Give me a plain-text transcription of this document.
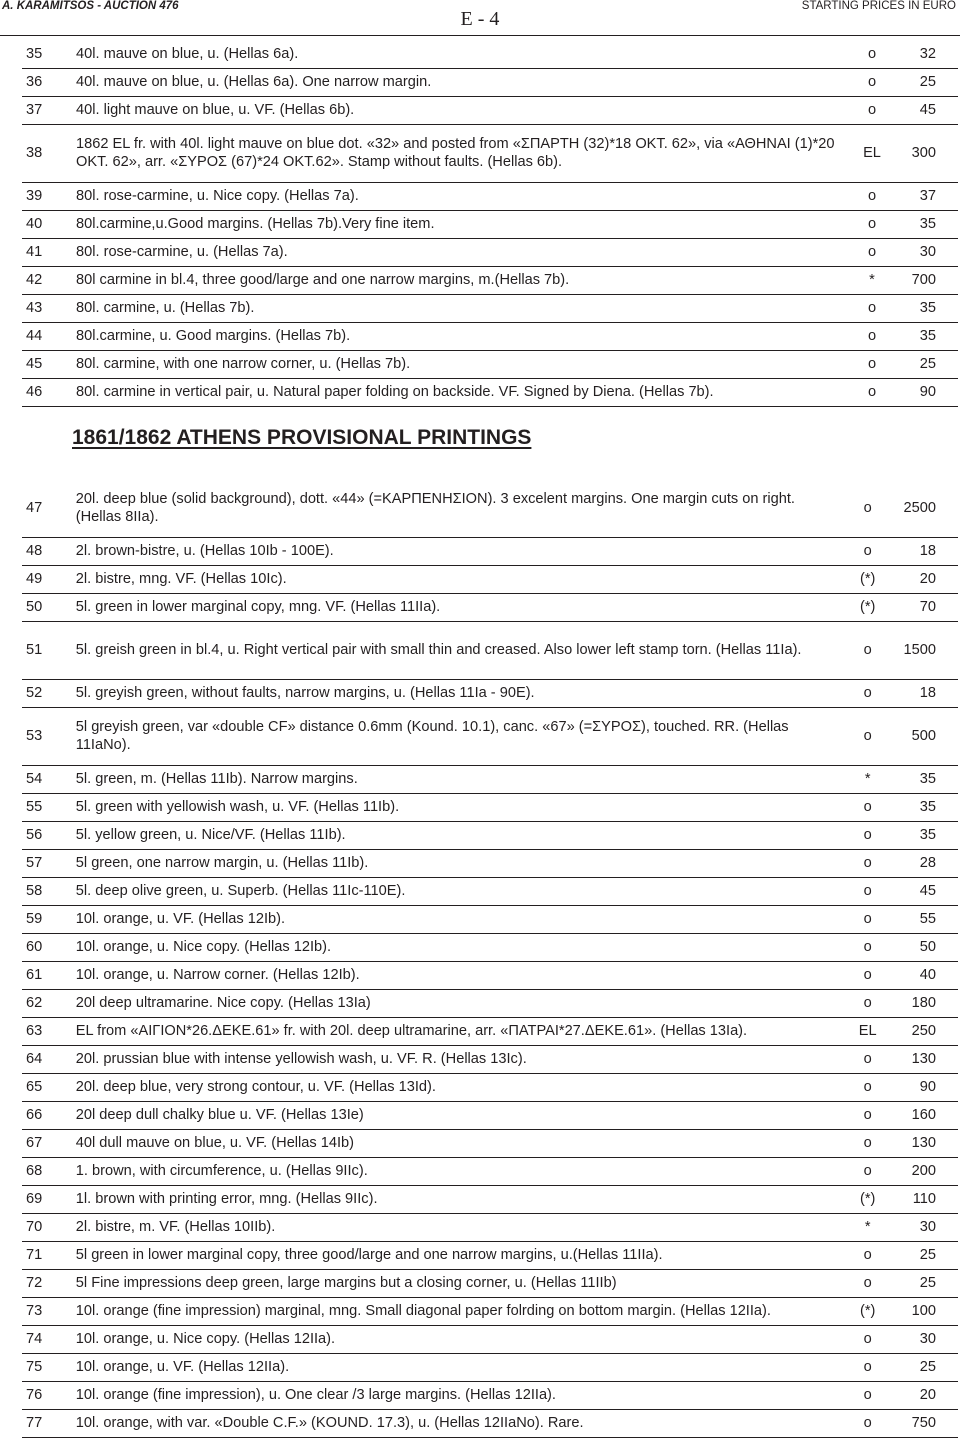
A. KARAMITSOS - AUCTION 476
E - 4
STARTING PRICES IN EURO
35	40l. mauve on blue, u. (Hellas 6a).	o	32
36	40l. mauve on blue, u. (Hellas 6a). One narrow margin.	o	25
37	40l. light mauve on blue, u. VF. (Hellas 6b).	o	45
38	1862 EL fr. with 40l. light mauve on blue dot. «32» and posted from «ΣΠΑΡΤΗ (32)*18 OKT. 62», via «ΑΘΗΝΑΙ (1)*20 OKT. 62», arr. «ΣΥΡΟΣ (67)*24 OKT.62». Stamp without faults. (Hellas 6b).	EL	300
39	80l. rose-carmine, u. Nice copy. (Hellas 7a).	o	37
40	80l.carmine,u.Good margins. (Hellas 7b).Very fine item.	o	35
41	80l. rose-carmine, u. (Hellas 7a).	o	30
42	80l carmine in bl.4, three good/large and one narrow margins, m.(Hellas 7b).	*	700
43	80l. carmine, u. (Hellas 7b).	o	35
44	80l.carmine, u. Good margins. (Hellas 7b).	o	35
45	80l. carmine, with one narrow corner, u. (Hellas 7b).	o	25
46	80l. carmine in vertical pair, u. Natural paper folding on backside. VF. Signed by Diena. (Hellas 7b).	o	90
1861/1862 ATHENS PROVISIONAL PRINTINGS
47	20l. deep blue (solid background), dott. «44» (=ΚΑΡΠΕΝΗΣΙΟΝ). 3 excelent margins. One margin cuts on right. (Hellas 8IIa).	o	2500
48	2l. brown-bistre, u. (Hellas 10Ib - 100E).	o	18
49	2l. bistre, mng. VF. (Hellas 10Ic).	(*)	20
50	5l. green in lower marginal copy, mng. VF. (Hellas 11IIa).	(*)	70
51	5l. greish green in bl.4, u. Right vertical pair with small thin and creased. Also lower left stamp torn. (Hellas 11Ia).	o	1500
52	5l. greyish green, without faults, narrow margins, u. (Hellas 11Ia - 90E).	o	18
53	5l greyish green, var «double CF» distance 0.6mm (Kound. 10.1), canc. «67» (=ΣΥΡΟΣ), touched. RR. (Hellas 11IaNo).	o	500
54	5l. green, m. (Hellas 11Ib). Narrow margins.	*	35
55	5l. green with yellowish wash, u. VF. (Hellas 11Ib).	o	35
56	5l. yellow green, u. Nice/VF. (Hellas 11Ib).	o	35
57	5l green, one narrow margin, u. (Hellas 11Ib).	o	28
58	5l. deep olive green, u. Superb. (Hellas 11Ic-110E).	o	45
59	10l. orange, u. VF. (Hellas 12Ib).	o	55
60	10l. orange, u. Nice copy. (Hellas 12Ib).	o	50
61	10l. orange, u. Narrow corner. (Hellas 12Ib).	o	40
62	20l deep ultramarine. Nice copy. (Hellas 13Ia)	o	180
63	EL from «ΑΙΓΙΟΝ*26.ΔΕΚΕ.61» fr. with 20l. deep ultramarine, arr. «ΠΑΤΡΑΙ*27.ΔΕΚΕ.61». (Hellas 13Ia).	EL	250
64	20l. prussian blue with intense yellowish wash, u. VF. R. (Hellas 13Ic).	o	130
65	20l. deep blue, very strong contour, u. VF. (Hellas 13Id).	o	90
66	20l deep dull chalky blue u. VF. (Hellas 13Ie)	o	160
67	40l dull mauve on blue, u. VF. (Hellas 14Ib)	o	130
68	1. brown, with circumference, u. (Hellas 9IIc).	o	200
69	1l. brown with printing error, mng. (Hellas 9IIc).	(*)	110
70	2l. bistre, m. VF. (Hellas 10IIb).	*	30
71	5l green in lower marginal copy, three good/large and one narrow margins, u.(Hellas 11IIa).	o	25
72	5l Fine impressions deep green, large margins but a closing corner, u. (Hellas 11IIb)	o	25
73	10l. orange (fine impression) marginal, mng. Small diagonal paper folrding on bottom margin. (Hellas 12IIa).	(*)	100
74	10l. orange, u. Nice copy. (Hellas 12IIa).	o	30
75	10l. orange, u. VF. (Hellas 12IIa).	o	25
76	10l. orange (fine impression), u. One clear /3 large margins. (Hellas 12IIa).	o	20
77	10l. orange, with var. «Double C.F.» (KOUND. 17.3), u. (Hellas 12IIaNo). Rare.	o	750
